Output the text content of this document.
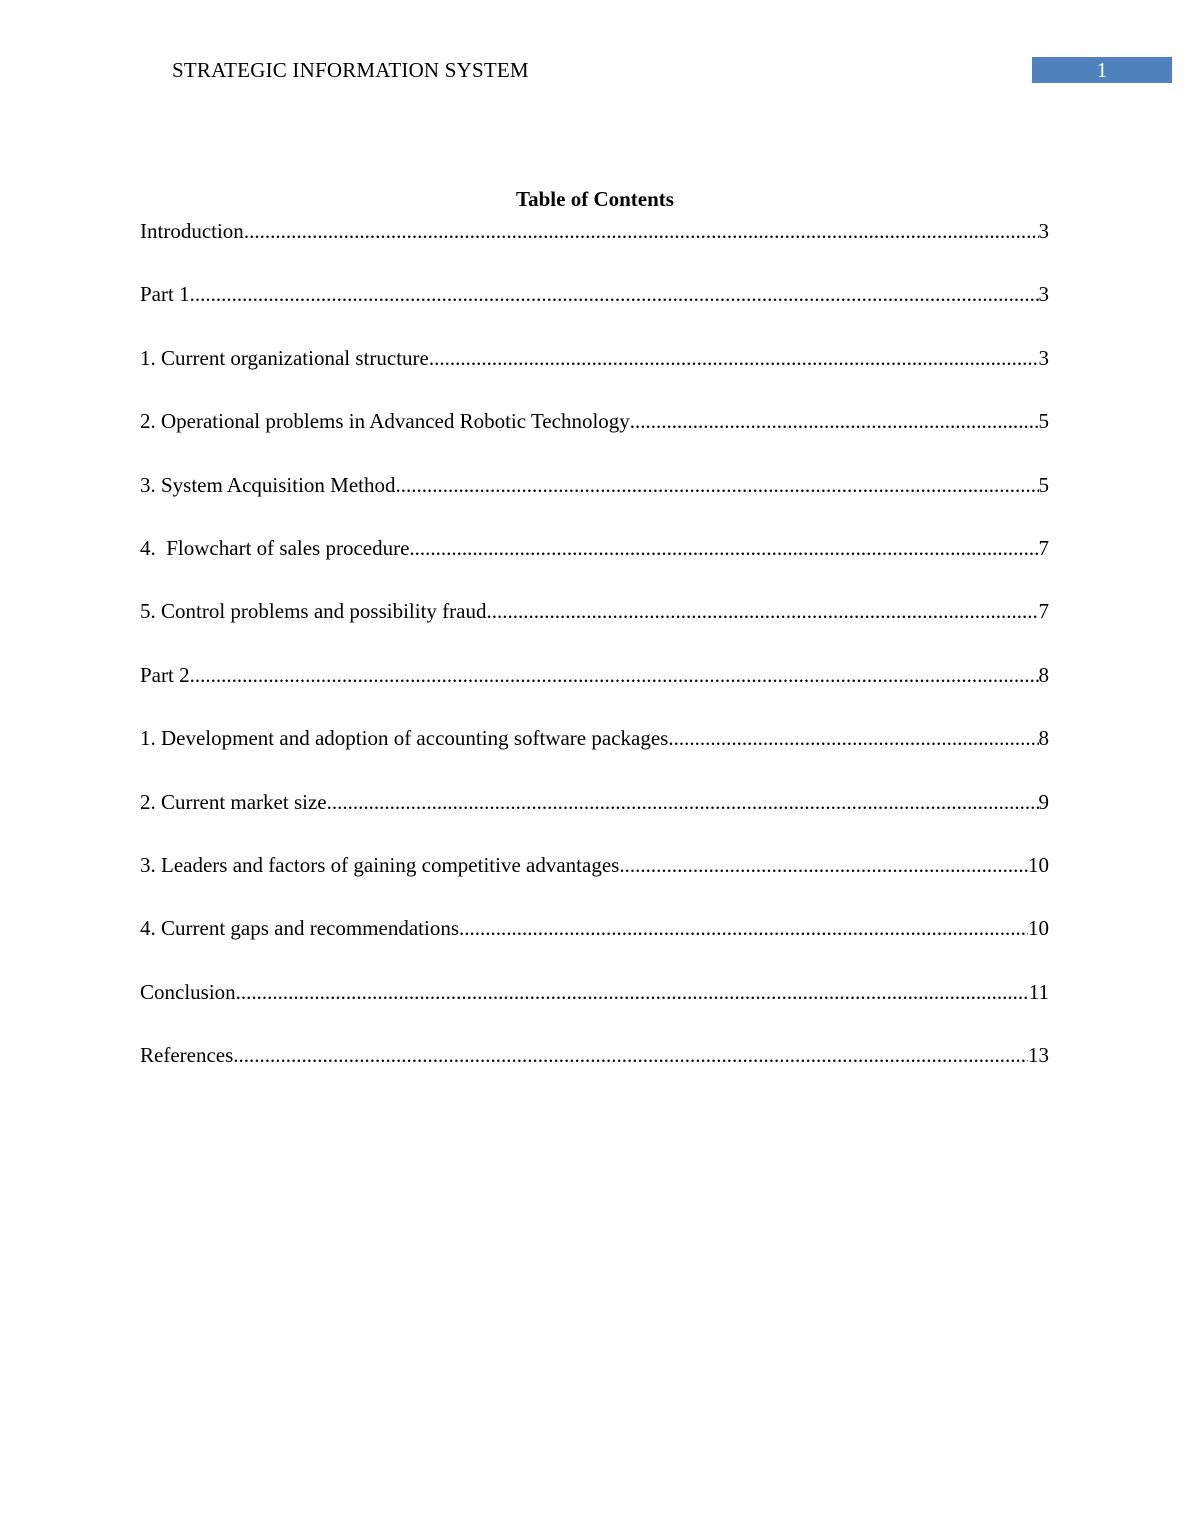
STRATEGIC INFORMATION SYSTEM	1
Table of Contents
Introduction .....	3
Part 1 .....	3
1. Current organizational structure .....	3
2. Operational problems in Advanced Robotic Technology .....	5
3. System Acquisition Method .....	5
4.  Flowchart of sales procedure .....	7
5. Control problems and possibility fraud .....	7
Part 2 .....	8
1. Development and adoption of accounting software packages .....	8
2. Current market size .....	9
3. Leaders and factors of gaining competitive advantages .....	10
4. Current gaps and recommendations .....	10
Conclusion .....	11
References .....	13
